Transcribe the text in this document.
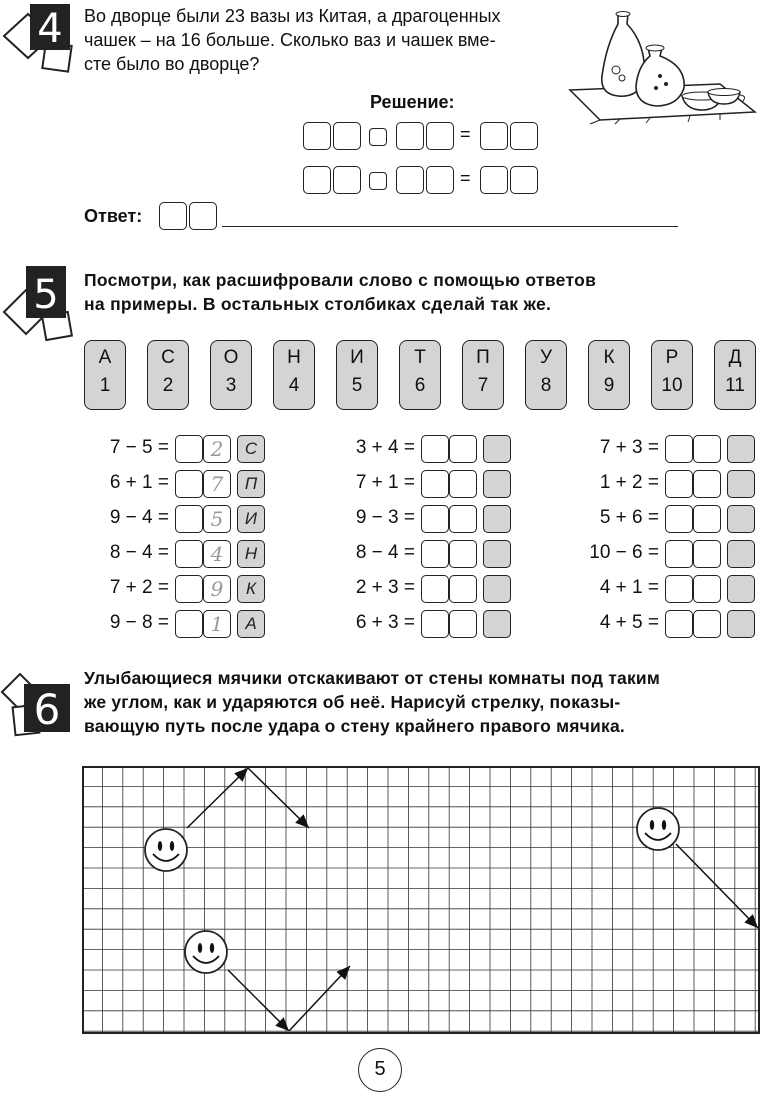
4 Во дворце были 23 вазы из Китая, а драгоценных
чашек – на 16 больше. Сколько ваз и чашек вме-
сте было во дворце?
Решение:
=
=
Ответ:
5 Посмотри, как расшифровали слово с помощью ответов
на примеры. В остальных столбиках сделай так же.
А
1
С
2
О
3
Н
4
И
5
Т
6
П
7
У
8
К
9
Р
10
Д
11
7 − 5 =	2	С
6 + 1 =	7	П
9 − 4 =	5	И
8 − 4 =	4	Н
7 + 2 =	9	К
9 − 8 =	1	А
3 + 4 =
7 + 1 =
9 − 3 =
8 − 4 =
2 + 3 =
6 + 3 =
7 + 3 =
1 + 2 =
5 + 6 =
10 − 6 =
4 + 1 =
4 + 5 =
6
Улыбающиеся мячики отскакивают от стены комнаты под таким
же углом, как и ударяются об неё. Нарисуй стрелку, показы-
вающую путь после удара о стену крайнего правого мячика.
5
